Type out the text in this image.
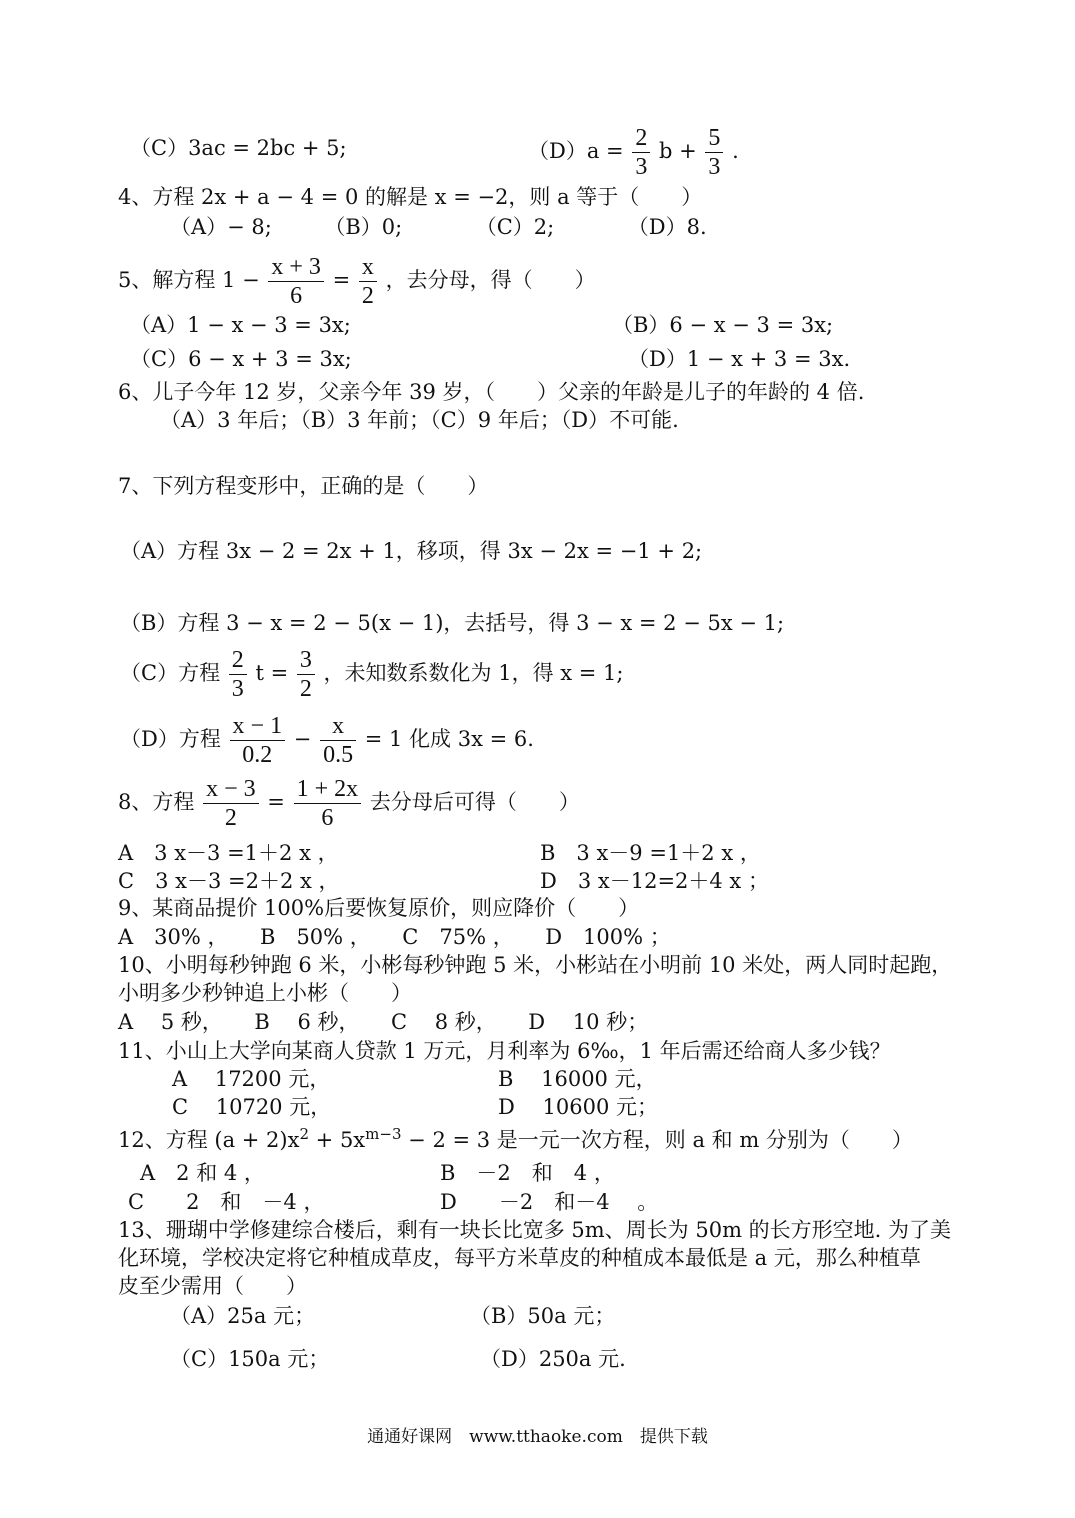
（C）3ac = 2bc + 5;	$(D)a = \frac{2}{3}$ $b + \frac{5}{3}$ .
4、方程 2x + a − 4 = 0 的解是 x = −2，则 a 等于（　　）
（A）− 8;　　　（B）0;　　　　（C）2;　　　　（D）8.
5、解方程 $1 - \frac{x + 3}{6} = \frac{x}{2}$ ，去分母，得（　　）
（A）1 − x − 3 = 3x;	（B）6 − x − 3 = 3x;
（C）6 − x + 3 = 3x;	（D）1 − x + 3 = 3x.
6、儿子今年 12 岁，父亲今年 39 岁，（　　）父亲的年龄是儿子的年龄的 4 倍.
（A）3 年后；（B）3 年前；（C）9 年后；（D）不可能.
7、下列方程变形中，正确的是（　　）
（A）方程 3x − 2 = 2x + 1，移项，得 3x − 2x = −1 + 2;
（B）方程 3 − x = 2 − 5(x − 1)，去括号，得 3 − x = 2 − 5x − 1;
（C）方程 $\frac{2}{3}$ $t = \frac{3}{2}$ ，未知数系数化为 1，得 x = 1;
（D）方程 $\frac{x - 1}{0.2} - \frac{x}{0.5} = 1$ 化成 3x = 6.
8、方程 $\frac{x - 3}{2} = \frac{1 + 2x}{6}$ 去分母后可得（　　）
A　3 x－3 =1＋2 x ，	B　3 x－9 =1＋2 x ，
C　3 x－3 =2＋2 x ，	D　3 x－12=2＋4 x ；
9、某商品提价 100%后要恢复原价，则应降价（　　）
A　30% ，　　B　50% ，　　C　75% ，　　D　100% ；
10、小明每秒钟跑 6 米，小彬每秒钟跑 5 米，小彬站在小明前 10 米处，两人同时起跑，
小明多少秒钟追上小彬（　　）
A　 5 秒，　　B　 6 秒，　　C　 8 秒，　　D　 10 秒；
11、小山上大学向某商人贷款 1 万元，月利率为 6‰，1 年后需还给商人多少钱？
A　 17200 元，	B　 16000 元，
C　 10720 元，	D　 10600 元；
12、方程 $(a + 2)x^2 + 5x^{m-3} - 2 = 3$ 是一元一次方程，则 a 和 m 分别为（　　）
A　2 和 4 ，	B　－2　和　4 ，
C　　2　和　－4 ，	D　　－2　和－4　 。
13、珊瑚中学修建综合楼后，剩有一块长比宽多 5m、周长为 50m 的长方形空地. 为了美
化环境，学校决定将它种植成草皮，每平方米草皮的种植成本最低是 a 元，那么种植草
皮至少需用（　　）
（A）25a 元；	（B）50a 元；
（C）150a 元；	（D）250a 元.
通通好课网　www.tthaoke.com　提供下载
